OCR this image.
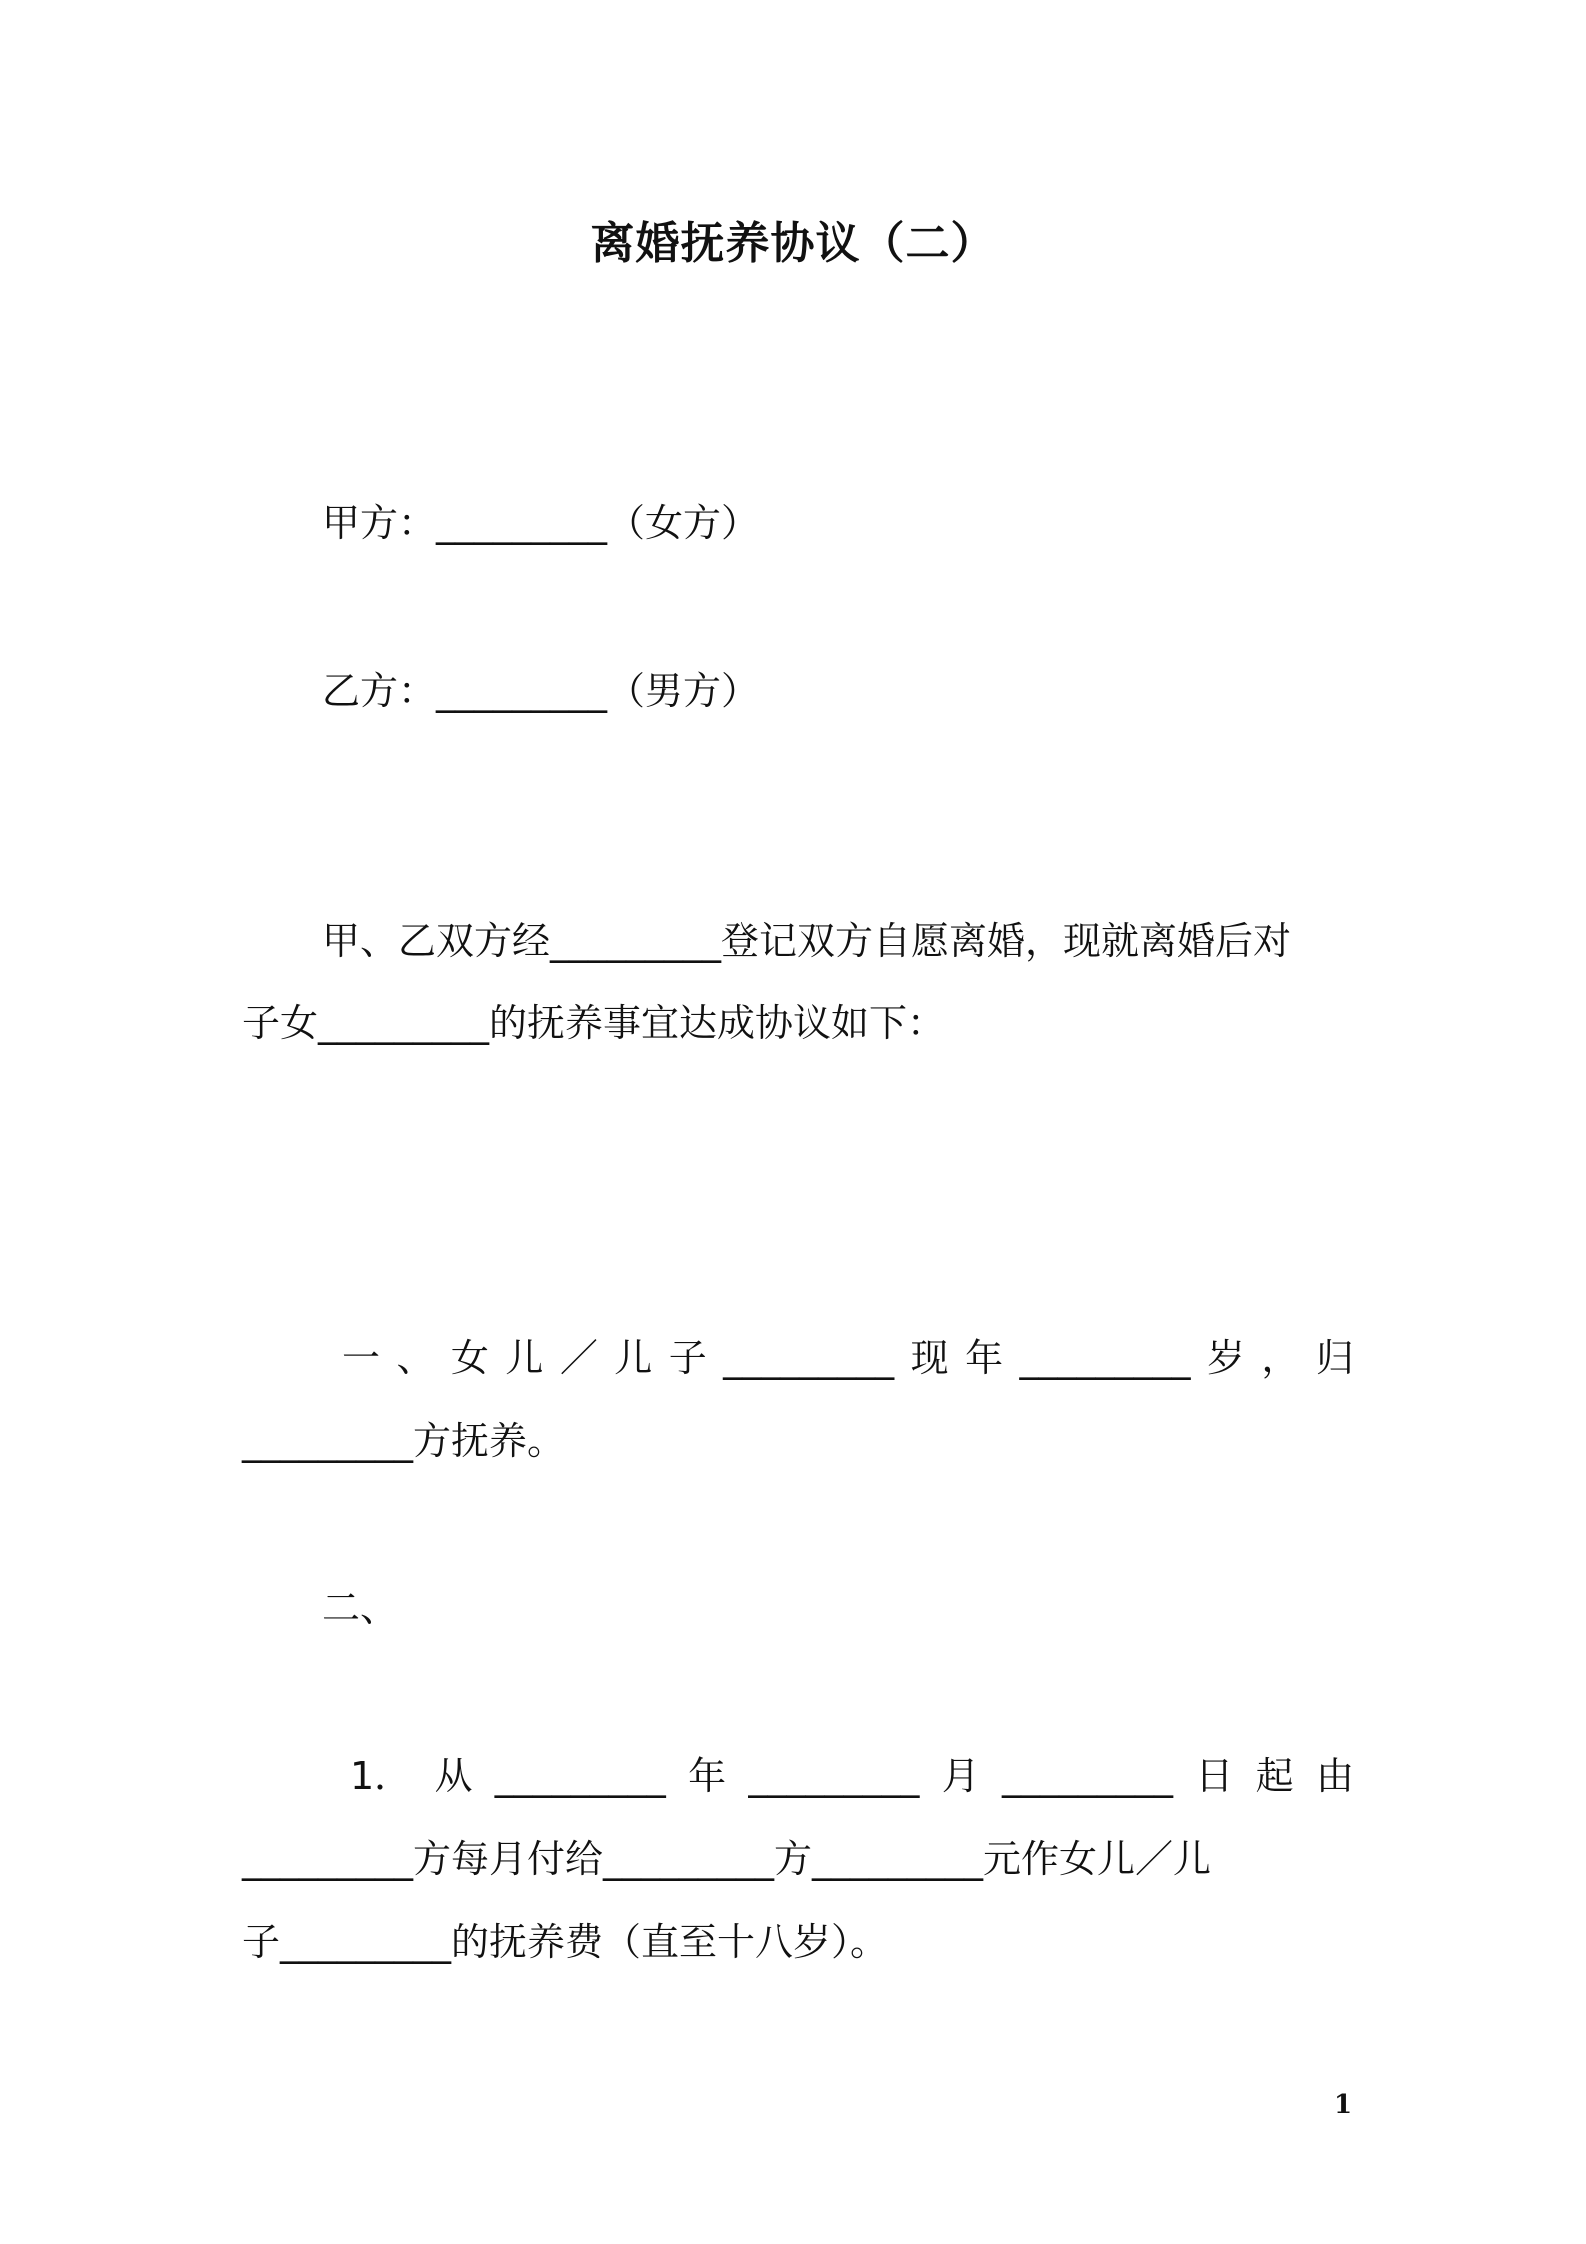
离婚抚养协议（二）
甲方：_________（女方）
乙方：_________（男方）
甲、乙双方经_________登记双方自愿离婚，现就离婚后对
子女_________的抚养事宜达成协议如下：
一 、 女 儿 ／ 儿 子 _________ 现 年 _________ 岁 ， 归
_________方抚养。
二、
1． 从 _________ 年 _________ 月 _________ 日 起 由
_________方每月付给_________方_________元作女儿／儿
子_________的抚养费（直至十八岁）。
1
